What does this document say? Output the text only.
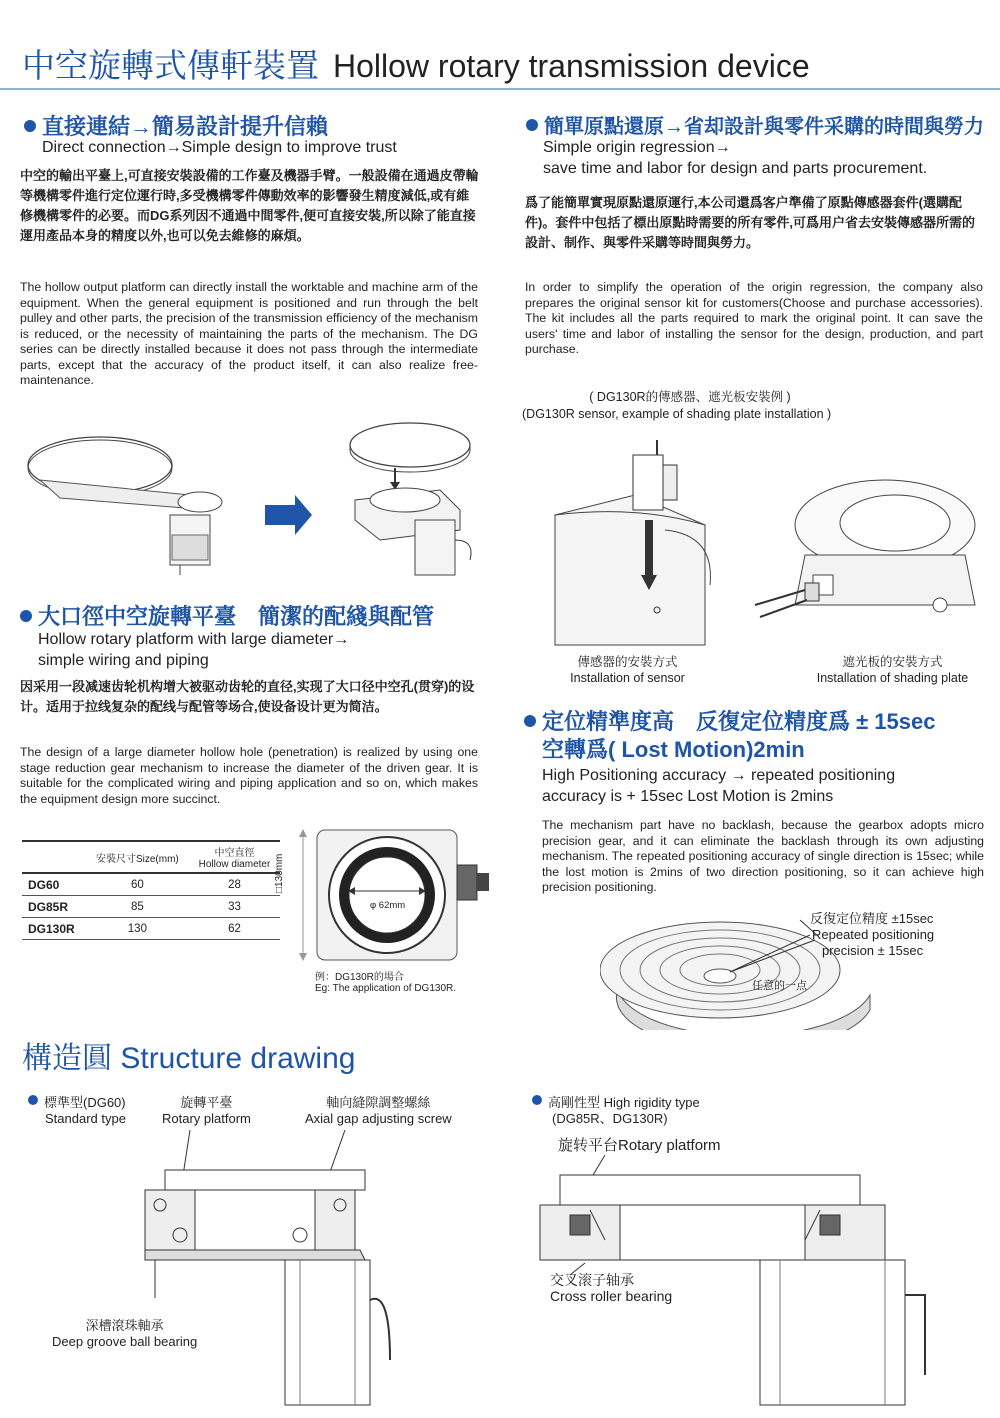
中空旋轉式傳軒裝置 Hollow rotary transmission device
直接連結→簡易設計提升信賴
Direct connection→Simple design to improve trust
中空的輸出平臺上,可直接安裝設備的工作臺及機器手臂。一般設備在通過皮帶輪等機構零件進行定位運行時,多受機構零件傳動效率的影響發生精度減低,或有維修機構零件的必要。而DG系列因不通過中間零件,便可直接安裝,所以除了能直接運用產品本身的精度以外,也可以免去維修的麻煩。
The hollow output platform can directly install the worktable and machine arm of the equipment. When the general equipment is positioned and run through the belt pulley and other parts, the precision of the transmission efficiency of the mechanism is reduced, or the necessity of maintaining the parts of the mechanism. The DG series can be directly installed because it does not pass through the intermediate parts, except that the accuracy of the product itself, it can also realize free-maintenance.
簡單原點還原→省却設計與零件采購的時間與勞力
Simple origin regression→
save time and labor for design and parts procurement.
爲了能簡單實現原點還原運行,本公司還爲客户準備了原點傳感器套件(選購配件)。套件中包括了標出原點時需要的所有零件,可爲用户省去安裝傳感器所需的設計、制作、與零件采購等時間與勞力。
In order to simplify the operation of the origin regression, the company also prepares the original sensor kit for customers(Choose and purchase accessories). The kit includes all the parts required to mark the original point. It can save the users' time and labor of installing the sensor for the design, production, and part purchase.
( DG130R的傳感器、遮光板安裝例 )
(DG130R sensor, example of shading plate installation )
傳感器的安裝方式
Installation of sensor
遮光板的安裝方式
Installation of shading plate
大口徑中空旋轉平臺　簡潔的配綫與配管
Hollow rotary platform with large diameter→
simple wiring and piping
因采用一段减速齿轮机构增大被驱动齿轮的直径,实现了大口径中空孔(贯穿)的设计。适用于拉线复杂的配线与配管等场合,使设备设计更为简洁。
The design of a large diameter hollow hole (penetration) is realized by using one stage reduction gear mechanism to increase the diameter of the driven gear. It is suitable for the complicated wiring and piping application and so on, which makes the equipment design more succinct.
	安裝尺寸Size(mm)	中空直徑
Hollow diameter

DG60	60	28
DG85R	85	33
DG130R	130	62
□130mm
φ 62mm
例：DG130R的場合
Eg: The application of DG130R.
定位精準度高　反復定位精度爲 ± 15sec
空轉爲( Lost Motion)2min
High Positioning accuracy → repeated positioning
accuracy is + 15sec Lost Motion is 2mins
The mechanism part have no backlash, because the gearbox adopts micro precision gear, and it can eliminate the backlash through its own adjusting mechanism. The repeated positioning accuracy of single direction is 15sec; while the lost motion is 2mins of two direction positioning, so it can achieve high precision positioning.
反復定位精度 ±15sec
Repeated positioning
precision ± 15sec
任意的一点
構造圓 Structure drawing
標準型(DG60)
Standard type
旋轉平臺
Rotary platform
軸向縫隙調整螺絲
Axial gap adjusting screw
深槽滾珠軸承
Deep groove ball bearing
高剛性型 High rigidity type
(DG85R、DG130R)
旋转平台Rotary platform
交叉滚子轴承
Cross roller bearing
